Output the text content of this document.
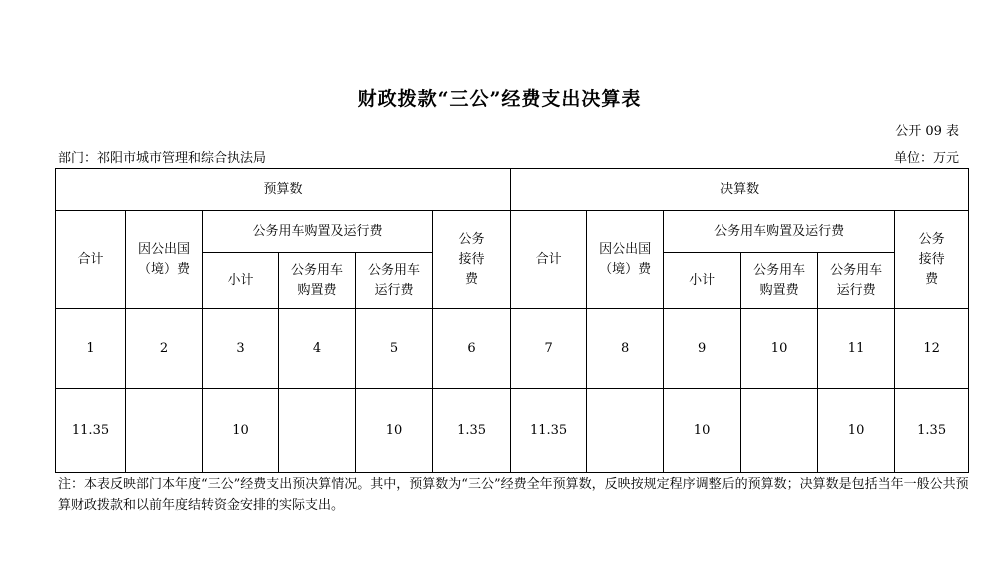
财政拨款“三公”经费支出决算表
公开 09 表
部门：祁阳市城市管理和综合执法局	单位：万元
预算数						决算数					
合计	因公出国（境）费	公务用车购置及运行费			公务接待费	合计	因公出国（境）费	公务用车购置及运行费			公务接待费
		小计	公务用车购置费	公务用车运行费				小计	公务用车购置费	公务用车运行费	
1	2	3	4	5	6	7	8	9	10	11	12
11.35		10		10	1.35	11.35		10		10	1.35
注：本表反映部门本年度“三公”经费支出预决算情况。其中，预算数为“三公”经费全年预算数，反映按规定程序调整后的预算数；决算数是包括当年一般公共预算财政拨款和以前年度结转资金安排的实际支出。
